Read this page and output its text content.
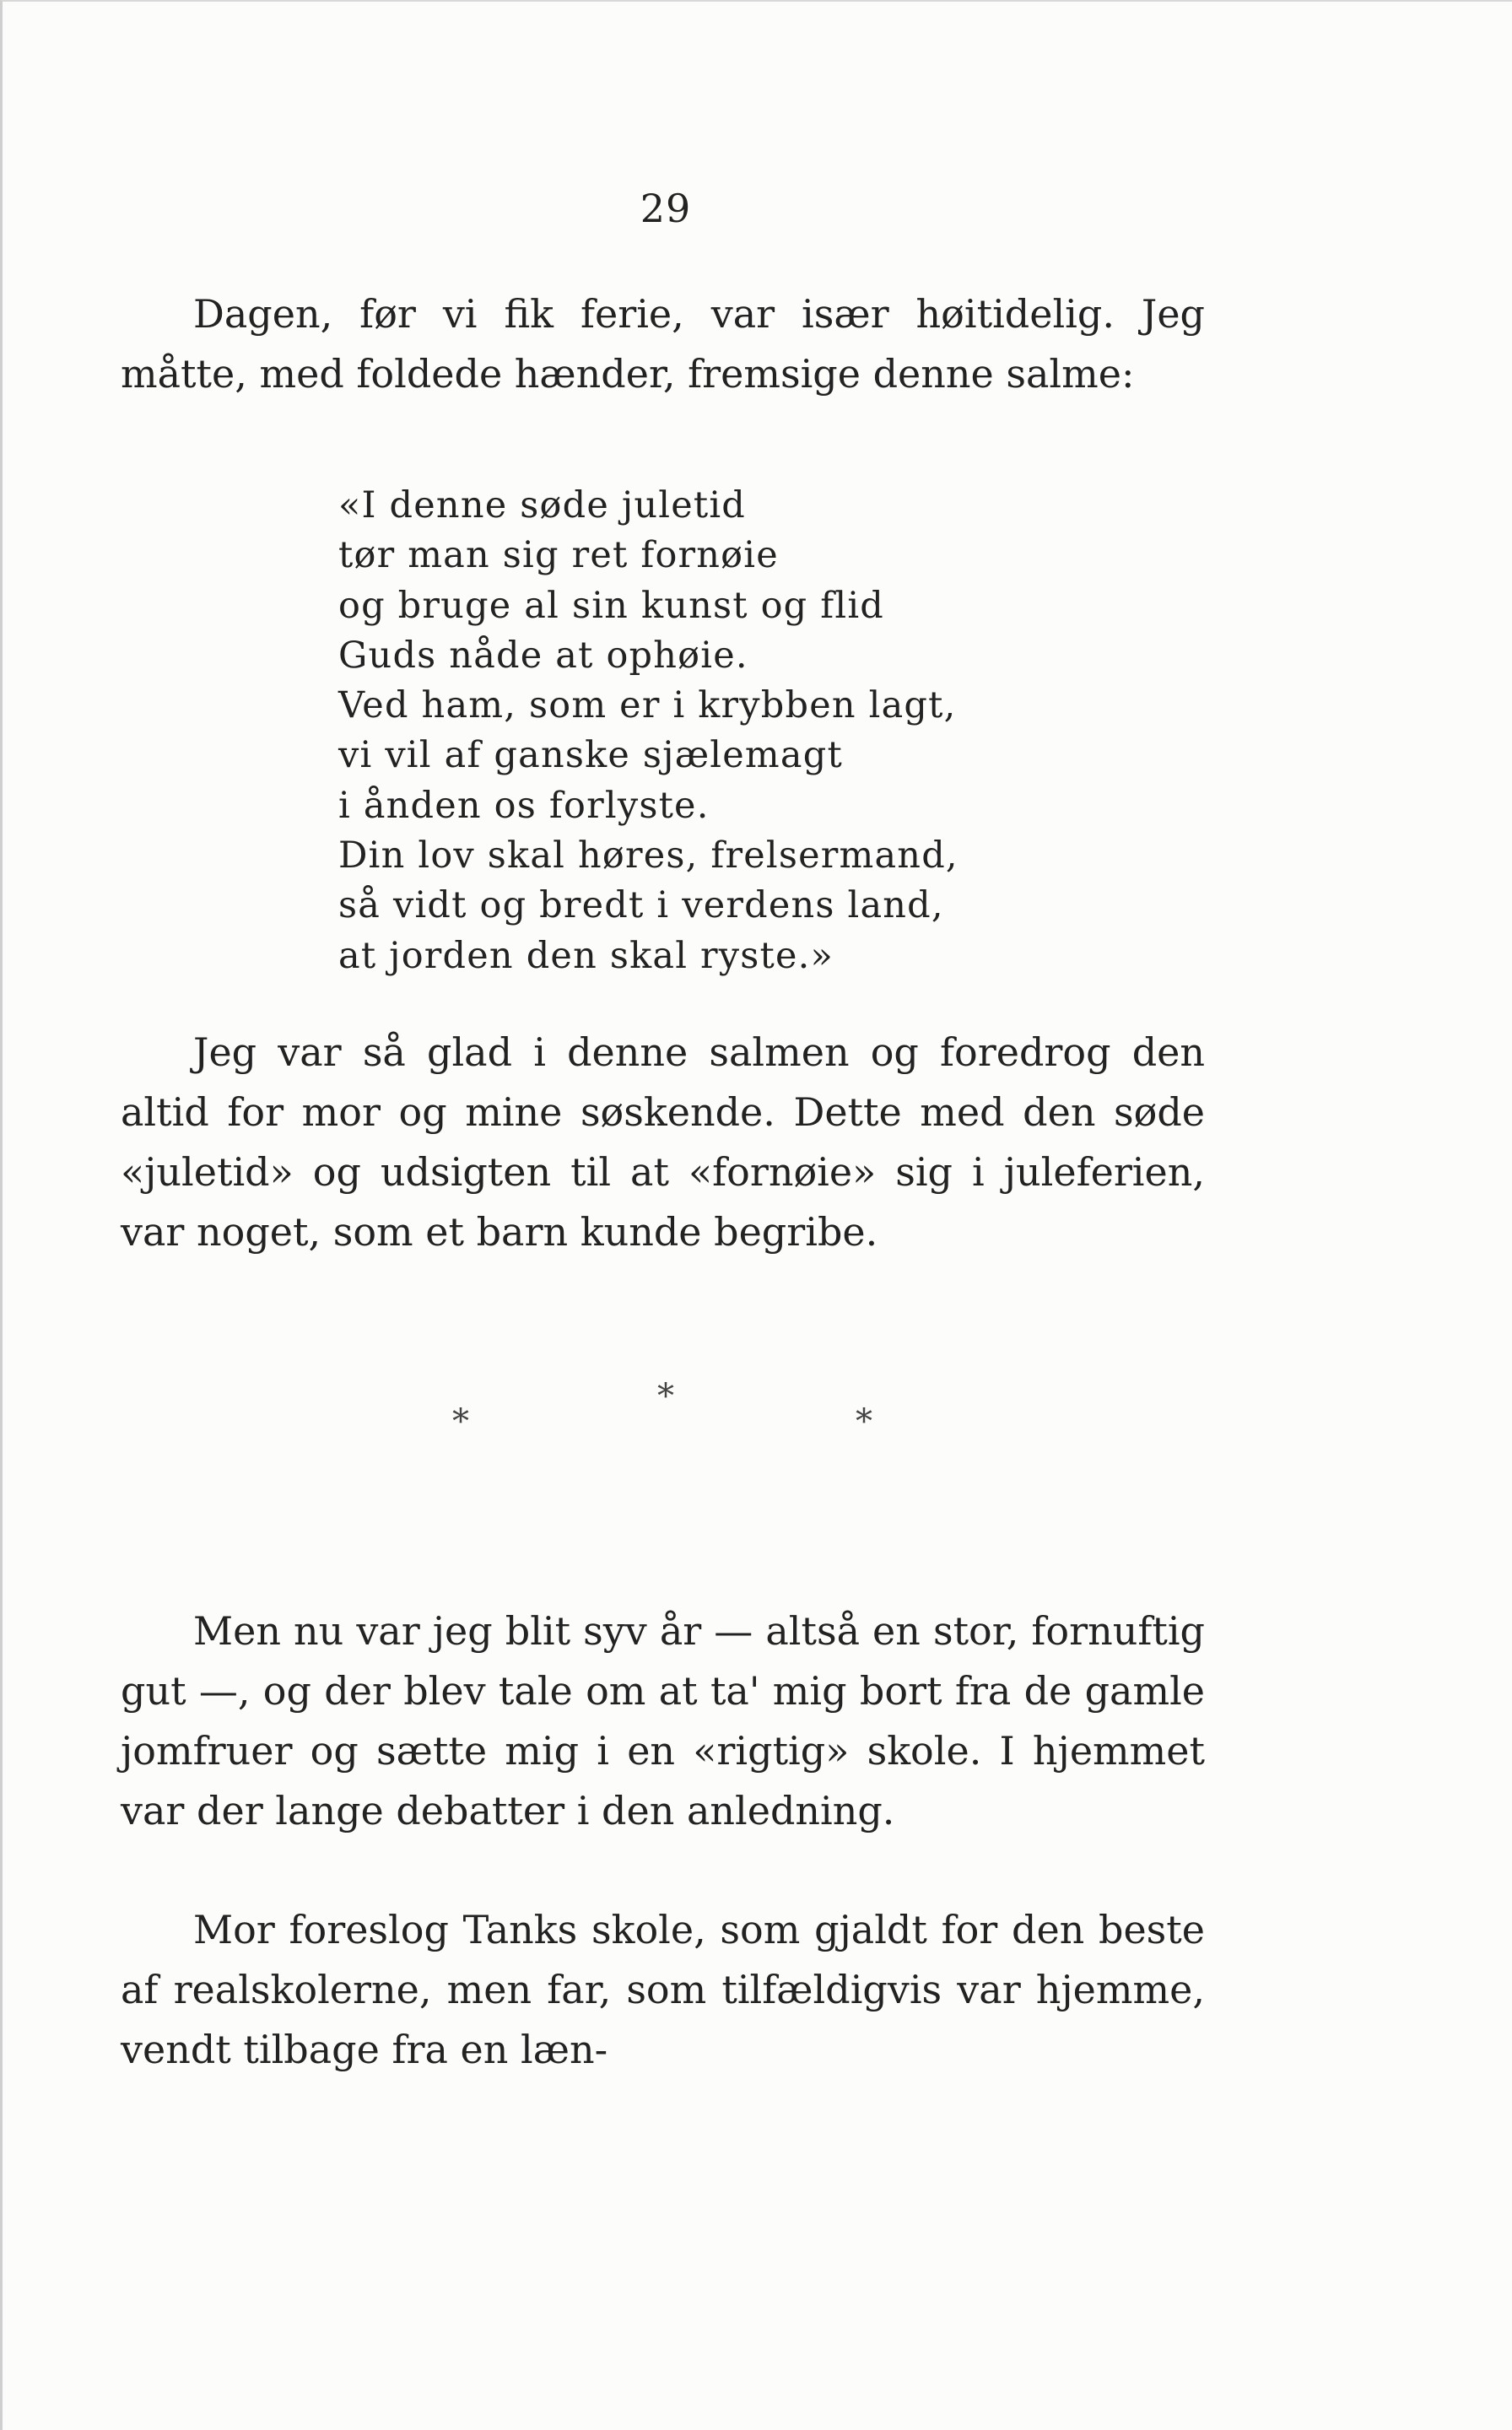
29

Dagen, før vi fik ferie, var især høitidelig. Jeg måtte, med foldede hænder, fremsige denne salme:

«I denne søde juletid
tør man sig ret fornøie
og bruge al sin kunst og flid
Guds nåde at ophøie.
Ved ham, som er i krybben lagt,
vi vil af ganske sjælemagt
i ånden os forlyste.
Din lov skal høres, frelsermand,
så vidt og bredt i verdens land,
at jorden den skal ryste.»

Jeg var så glad i denne salmen og foredrog den altid for mor og mine søskende. Dette med den søde «juletid» og udsigten til at «fornøie» sig i juleferien, var noget, som et barn kunde begribe.

*
*	*

Men nu var jeg blit syv år — altså en stor, fornuftig gut —, og der blev tale om at ta' mig bort fra de gamle jomfruer og sætte mig i en «rigtig» skole. I hjemmet var der lange debatter i den anledning.

Mor foreslog Tanks skole, som gjaldt for den beste af realskolerne, men far, som tilfældigvis var hjemme, vendt tilbage fra en læn-
